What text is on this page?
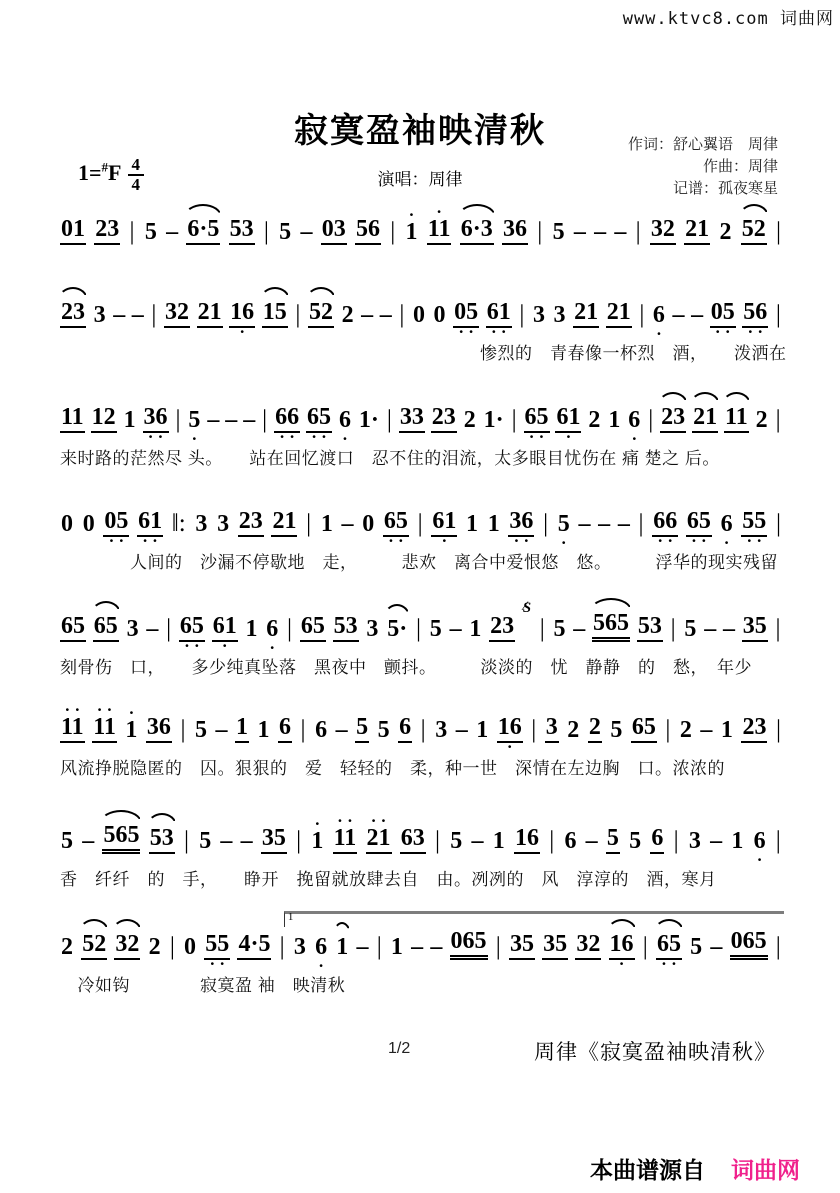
www.ktvc8.com 词曲网
寂寞盈袖映清秋
$1=^{\#}F \frac{4}{4}$	演唱：周律
作词：舒心翼语　周律
作曲：周律
记谱：孤夜寒星
01 23 | 5 – 6·5 53 | 5 – 03 56 | · 1 · 11 6·3 36 | 5 – – – | 32 21 2 52 |
23 3 – – | 32 21 16 · 15 | 52 2 – – | 0 0 05 · · 61 · · | 3 3 21 21 | 6 · – – 05 · · 56 · · |
　　　　　　　　　　　　　　　　　　　　　　　　惨烈的　青春像一杯烈　酒，　　泼洒在
11 12 1 36 · · | 5 · – – – | 66 · · 65 · · 6 · 1· | 33 23 2 1· | 65 · · 61 · 2 1 6 · | 23 21 11 2 |
来时路的茫然尽 头。　　站在回忆渡口　忍不住的泪流，太多眼目忧伤在 痛 楚之 后。
0 0 05 · · 61 · · ‖: 3 3 23 21 | 1 – 0 65 · · | 61 · 1 1 36 · · | 5 · – – – | 66 · · 65 · · 6 · 55 · · |
　　　　人间的　沙漏不停歇地　走，　　　悲欢　离合中爱恨悠　悠。　　　浮华的现实残留
65 65 3 – | 65 · · 61 · 1 6 · | 65 53 3 5· | 5 – 1 23
S ⁄
| 5 – 565 53 | 5 – – 35 |
刻骨伤　口，　　多少纯真坠落　黑夜中　颤抖。　　　淡淡的　忧　静静　的　愁，　年少
· · 11 · · 11 · 1 36 | 5 – 1 1 6 | 6 – 5 5 6 | 3 – 1 16 · | 3 2 2 5 65 | 2 – 1 23 |
风流挣脱隐匿的　囚。狠狠的　爱　轻轻的　柔，种一世　深情在左边胸　口。浓浓的
5 – 565 53 | 5 – – 35 | · 1 · · 11 · · 21 63 | 5 – 1 16 | 6 – 5 5 6 | 3 – 1 6 · |
香　纤纤　的　手，　　睁开　挽留就放肆去自　由。冽冽的　风　淳淳的　酒，寒月
1
2 52 32 2 | 0 55 · · 4·5 | 3 6 · 1 – | 1 – – 065 | 35 35 32 16 · | 65 · · 5 – 065 |
　冷如钩　　　　寂寞盈 袖　映清秋
1/2	周律《寂寞盈袖映清秋》
本曲谱源自 词曲网
